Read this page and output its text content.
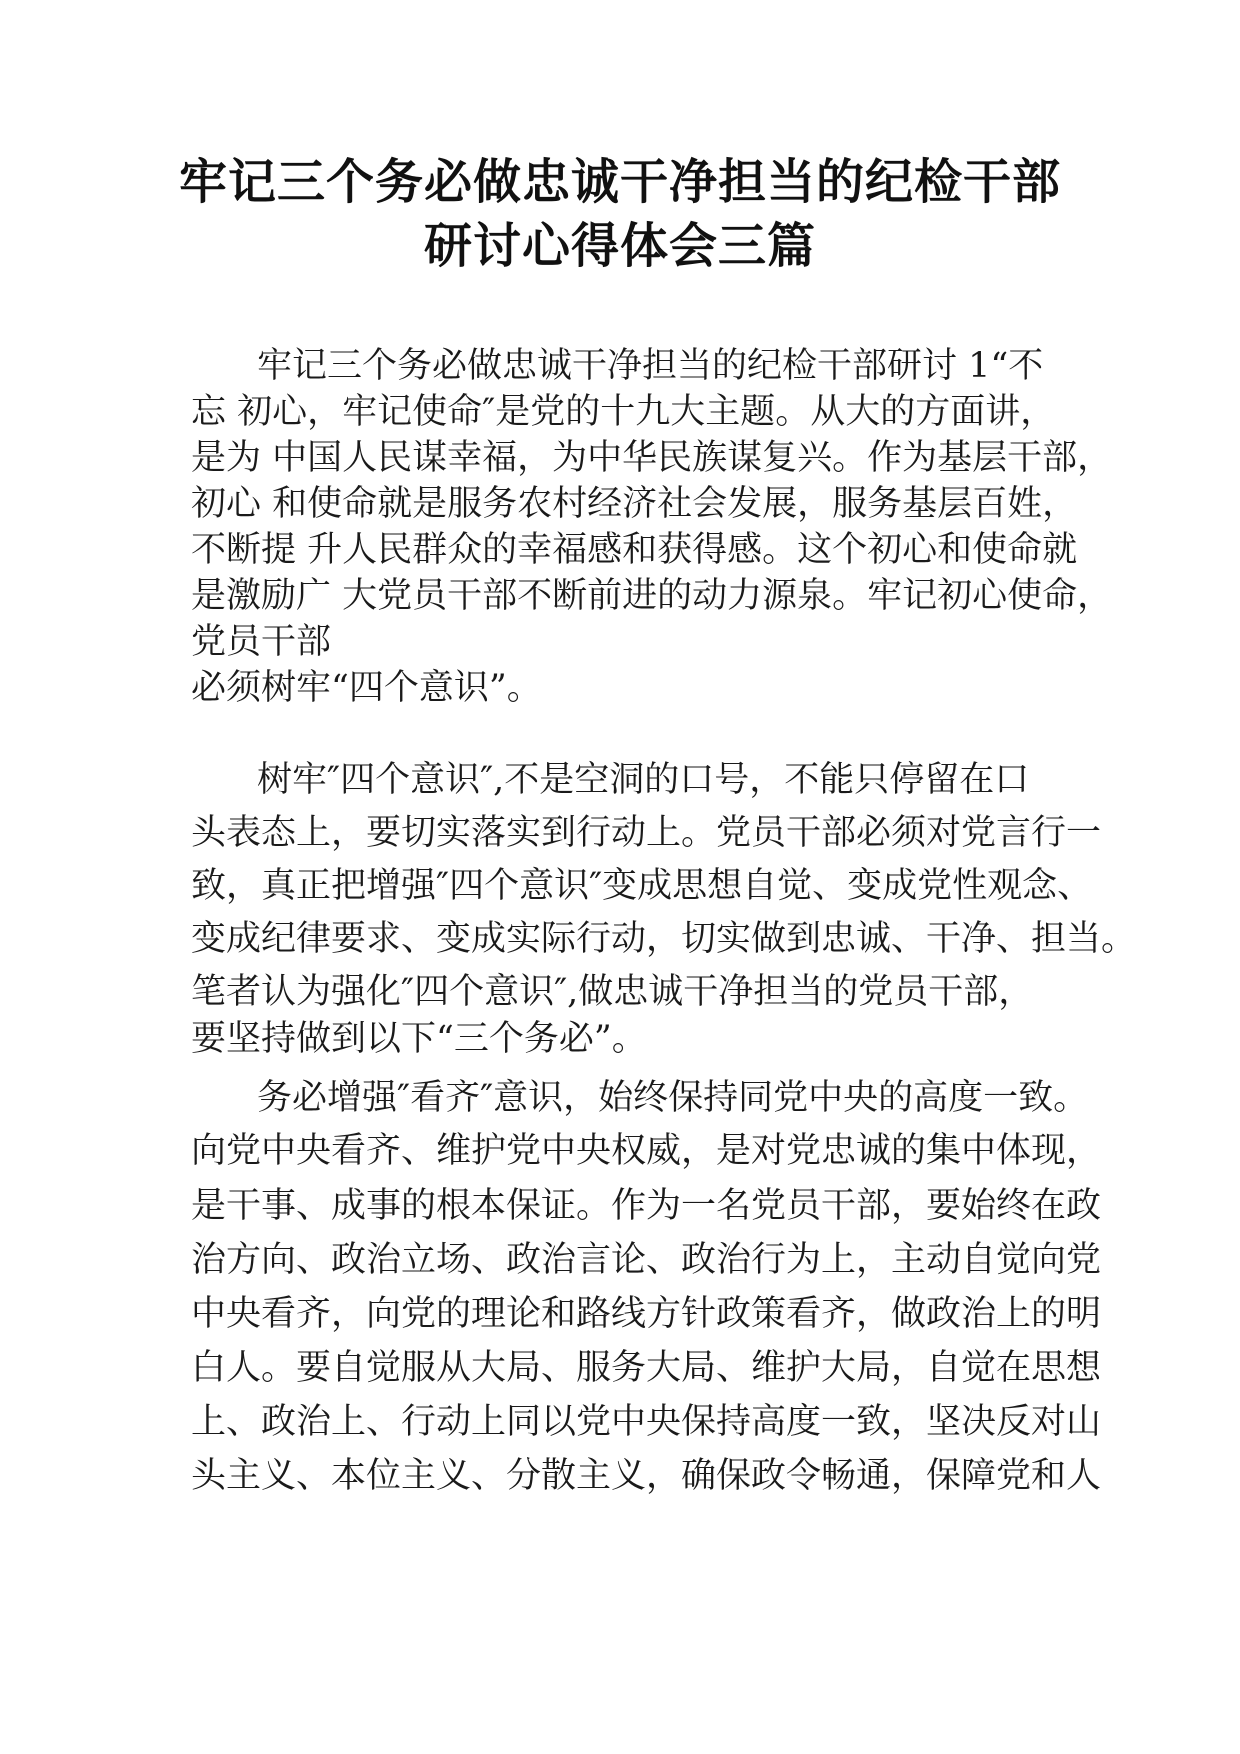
牢记三个务必做忠诚干净担当的纪检干部
研讨心得体会三篇
牢记三个务必做忠诚干净担当的纪检干部研讨 1“不
忘 初心，牢记使命″是党的十九大主题。从大的方面讲，
是为 中国人民谋幸福，为中华民族谋复兴。作为基层干部，
初心 和使命就是服务农村经济社会发展，服务基层百姓，
不断提 升人民群众的幸福感和获得感。这个初心和使命就
是激励广 大党员干部不断前进的动力源泉。牢记初心使命，
党员干部
必须树牢“四个意识”。
树牢″四个意识″,不是空洞的口号，不能只停留在口
头表态上，要切实落实到行动上。党员干部必须对党言行一
致，真正把增强″四个意识″变成思想自觉、变成党性观念、
变成纪律要求、变成实际行动，切实做到忠诚、干净、担当。
笔者认为强化″四个意识″,做忠诚干净担当的党员干部，
要坚持做到以下“三个务必”。
务必增强″看齐″意识，始终保持同党中央的高度一致。
向党中央看齐、维护党中央权威，是对党忠诚的集中体现，
是干事、成事的根本保证。作为一名党员干部，要始终在政
治方向、政治立场、政治言论、政治行为上，主动自觉向党
中央看齐，向党的理论和路线方针政策看齐，做政治上的明
白人。要自觉服从大局、服务大局、维护大局，自觉在思想
上、政治上、行动上同以党中央保持高度一致，坚决反对山
头主义、本位主义、分散主义，确保政令畅通，保障党和人
